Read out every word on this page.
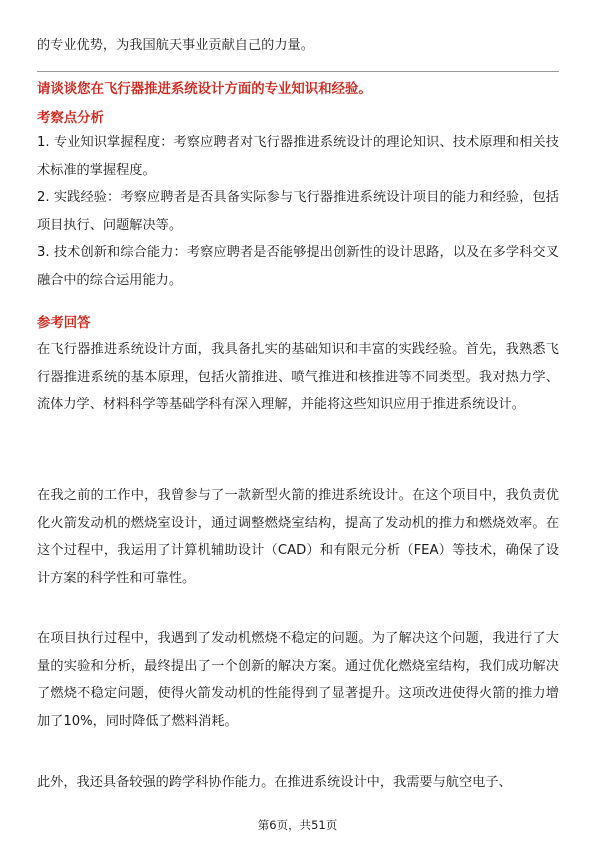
的专业优势，为我国航天事业贡献自己的力量。

请谈谈您在飞行器推进系统设计方面的专业知识和经验。

考察点分析

1. 专业知识掌握程度：考察应聘者对飞行器推进系统设计的理论知识、技术原理和相关技术标准的掌握程度。

2. 实践经验：考察应聘者是否具备实际参与飞行器推进系统设计项目的能力和经验，包括项目执行、问题解决等。

3. 技术创新和综合能力：考察应聘者是否能够提出创新性的设计思路，以及在多学科交叉融合中的综合运用能力。

参考回答

在飞行器推进系统设计方面，我具备扎实的基础知识和丰富的实践经验。首先，我熟悉飞行器推进系统的基本原理，包括火箭推进、喷气推进和核推进等不同类型。我对热力学、流体力学、材料科学等基础学科有深入理解，并能将这些知识应用于推进系统设计。

在我之前的工作中，我曾参与了一款新型火箭的推进系统设计。在这个项目中，我负责优化火箭发动机的燃烧室设计，通过调整燃烧室结构，提高了发动机的推力和燃烧效率。在这个过程中，我运用了计算机辅助设计（CAD）和有限元分析（FEA）等技术，确保了设计方案的科学性和可靠性。

在项目执行过程中，我遇到了发动机燃烧不稳定的问题。为了解决这个问题，我进行了大量的实验和分析，最终提出了一个创新的解决方案。通过优化燃烧室结构，我们成功解决了燃烧不稳定问题，使得火箭发动机的性能得到了显著提升。这项改进使得火箭的推力增加了10%，同时降低了燃料消耗。

此外，我还具备较强的跨学科协作能力。在推进系统设计中，我需要与航空电子、

第6页，共51页
